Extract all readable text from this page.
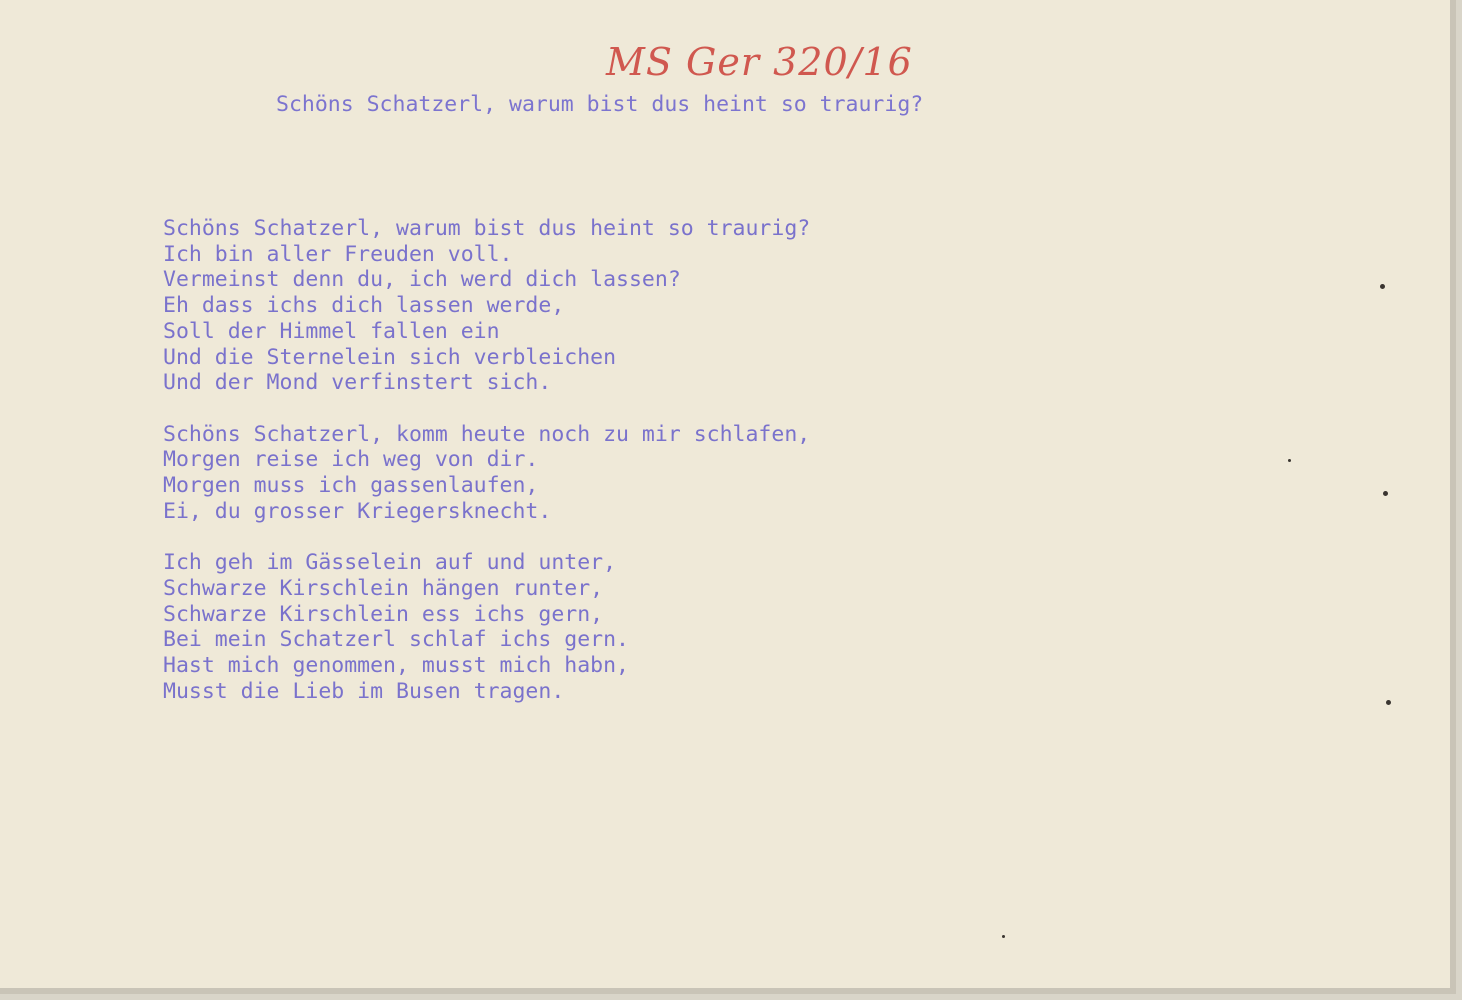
MS Ger 320/16
Schöns Schatzerl, warum bist dus heint so traurig?
Schöns Schatzerl, warum bist dus heint so traurig?
Ich bin aller Freuden voll.
Vermeinst denn du, ich werd dich lassen?
Eh dass ichs dich lassen werde,
Soll der Himmel fallen ein
Und die Sternelein sich verbleichen
Und der Mond verfinstert sich.
Schöns Schatzerl, komm heute noch zu mir schlafen,
Morgen reise ich weg von dir.
Morgen muss ich gassenlaufen,
Ei, du grosser Kriegersknecht.
Ich geh im Gässelein auf und unter,
Schwarze Kirschlein hängen runter,
Schwarze Kirschlein ess ichs gern,
Bei mein Schatzerl schlaf ichs gern.
Hast mich genommen, musst mich habn,
Musst die Lieb im Busen tragen.
